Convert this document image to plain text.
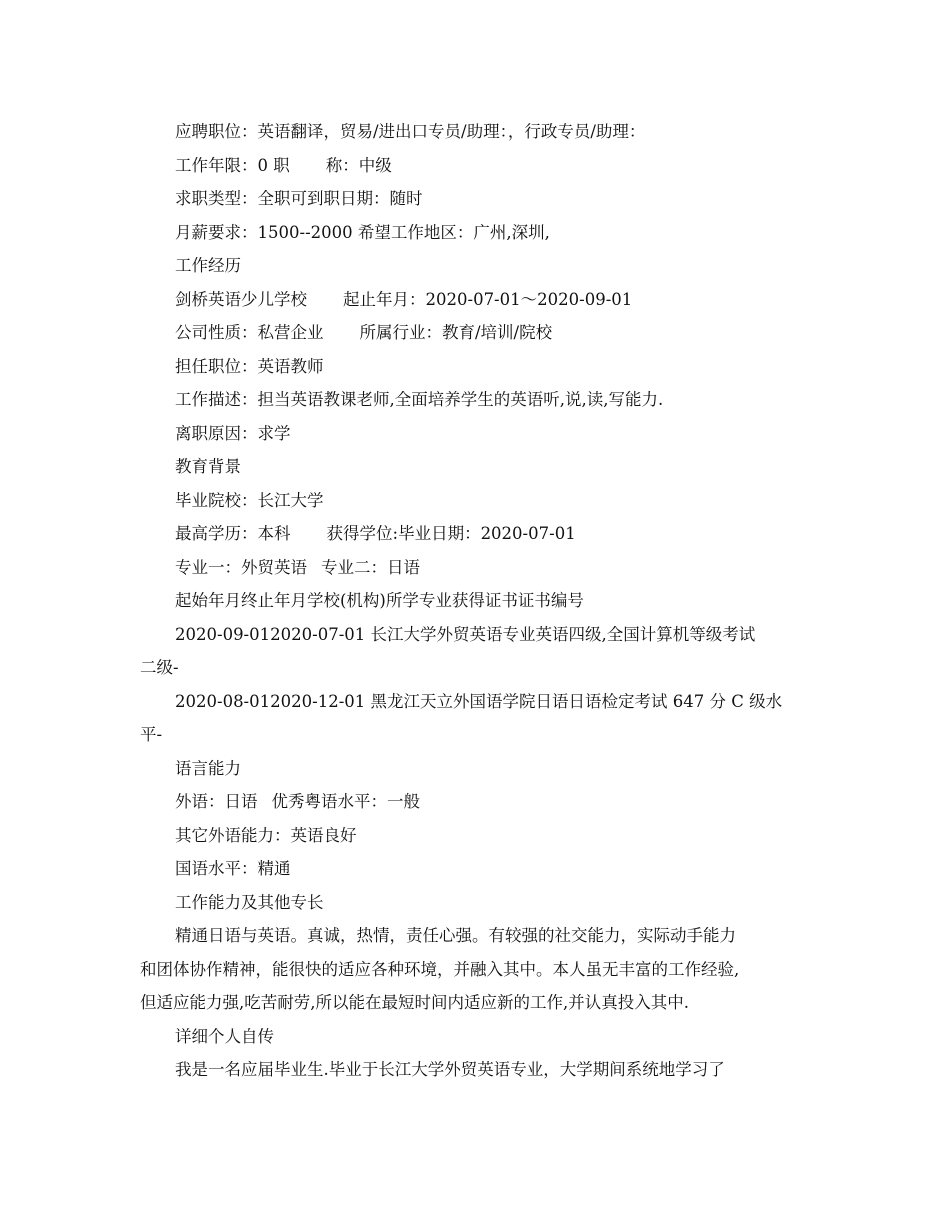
应聘职位：英语翻译，贸易/进出口专员/助理：，行政专员/助理：
工作年限：0 职 称：中级
求职类型：全职可到职日期：随时
月薪要求：1500--2000 希望工作地区：广州,深圳,
工作经历
剑桥英语少儿学校 起止年月：2020-07-01～2020-09-01
公司性质：私营企业 所属行业：教育/培训/院校
担任职位：英语教师
工作描述：担当英语教课老师,全面培养学生的英语听,说,读,写能力.
离职原因：求学
教育背景
毕业院校：长江大学
最高学历：本科 获得学位:毕业日期：2020-07-01
专业一：外贸英语 专业二：日语
起始年月终止年月学校(机构)所学专业获得证书证书编号
2020-09-012020-07-01 长江大学外贸英语专业英语四级,全国计算机等级考试
二级-
2020-08-012020-12-01 黑龙江天立外国语学院日语日语检定考试 647 分 C 级水
平-
语言能力
外语：日语 优秀粤语水平：一般
其它外语能力：英语良好
国语水平：精通
工作能力及其他专长
精通日语与英语。真诚，热情，责任心强。有较强的社交能力，实际动手能力
和团体协作精神，能很快的适应各种环境，并融入其中。本人虽无丰富的工作经验,
但适应能力强,吃苦耐劳,所以能在最短时间内适应新的工作,并认真投入其中.
详细个人自传
我是一名应届毕业生.毕业于长江大学外贸英语专业，大学期间系统地学习了
